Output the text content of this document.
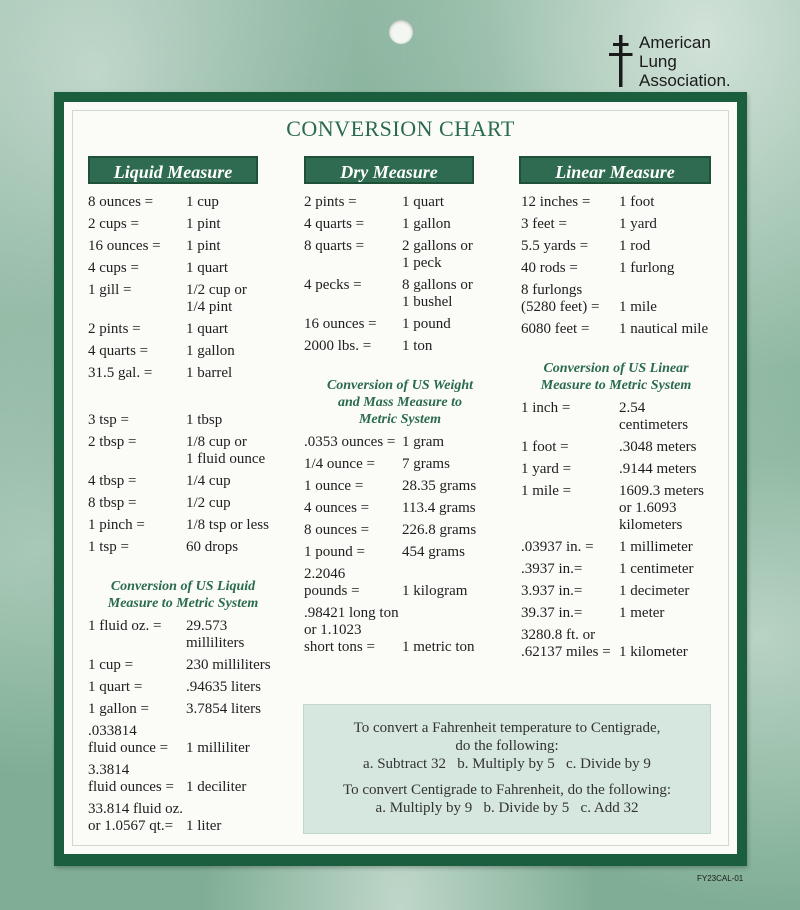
American
Lung
Association.
CONVERSION CHART
Liquid Measure	Dry Measure	Linear Measure
8 ounces =	1 cup
2 cups =	1 pint
16 ounces =	1 pint
4 cups =	1 quart
1 gill =	1/2 cup or
1/4 pint
2 pints =	1 quart
4 quarts =	1 gallon
31.5 gal. =	1 barrel
3 tsp =	1 tbsp
2 tbsp =	1/8 cup or
1 fluid ounce
4 tbsp =	1/4 cup
8 tbsp =	1/2 cup
1 pinch =	1/8 tsp or less
1 tsp =	60 drops
Conversion of US Liquid
Measure to Metric System
1 fluid oz. =	29.573
milliliters
1 cup =	230 milliliters
1 quart =	.94635 liters
1 gallon =	3.7854 liters
.033814
fluid ounce =	1 milliliter
3.3814
fluid ounces = 1 deciliter
33.814 fluid oz.
or 1.0567 qt.= 1 liter
2 pints =	1 quart
4 quarts =	1 gallon
8 quarts =	2 gallons or
1 peck
4 pecks =	8 gallons or
1 bushel
16 ounces =	1 pound
2000 lbs. =	1 ton
Conversion of US Weight
and Mass Measure to
Metric System
.0353 ounces = 1 gram
1/4 ounce =	7 grams
1 ounce =	28.35 grams
4 ounces =	113.4 grams
8 ounces =	226.8 grams
1 pound =	454 grams
2.2046
pounds =	1 kilogram
.98421 long ton
or 1.1023
short tons =	1 metric ton
12 inches =	1 foot
3 feet =	1 yard
5.5 yards =	1 rod
40 rods =	1 furlong
8 furlongs
(5280 feet) =	1 mile
6080 feet =	1 nautical mile
Conversion of US Linear
Measure to Metric System
1 inch =	2.54
centimeters
1 foot =	.3048 meters
1 yard =	.9144 meters
1 mile =	1609.3 meters
or 1.6093
kilometers
.03937 in. =	1 millimeter
.3937 in.=	1 centimeter
3.937 in.=	1 decimeter
39.37 in.=	1 meter
3280.8 ft. or
.62137 miles = 1 kilometer
To convert a Fahrenheit temperature to Centigrade,
do the following:
a. Subtract 32   b. Multiply by 5   c. Divide by 9
To convert Centigrade to Fahrenheit, do the following:
a. Multiply by 9   b. Divide by 5   c. Add 32
FY23CAL-01
